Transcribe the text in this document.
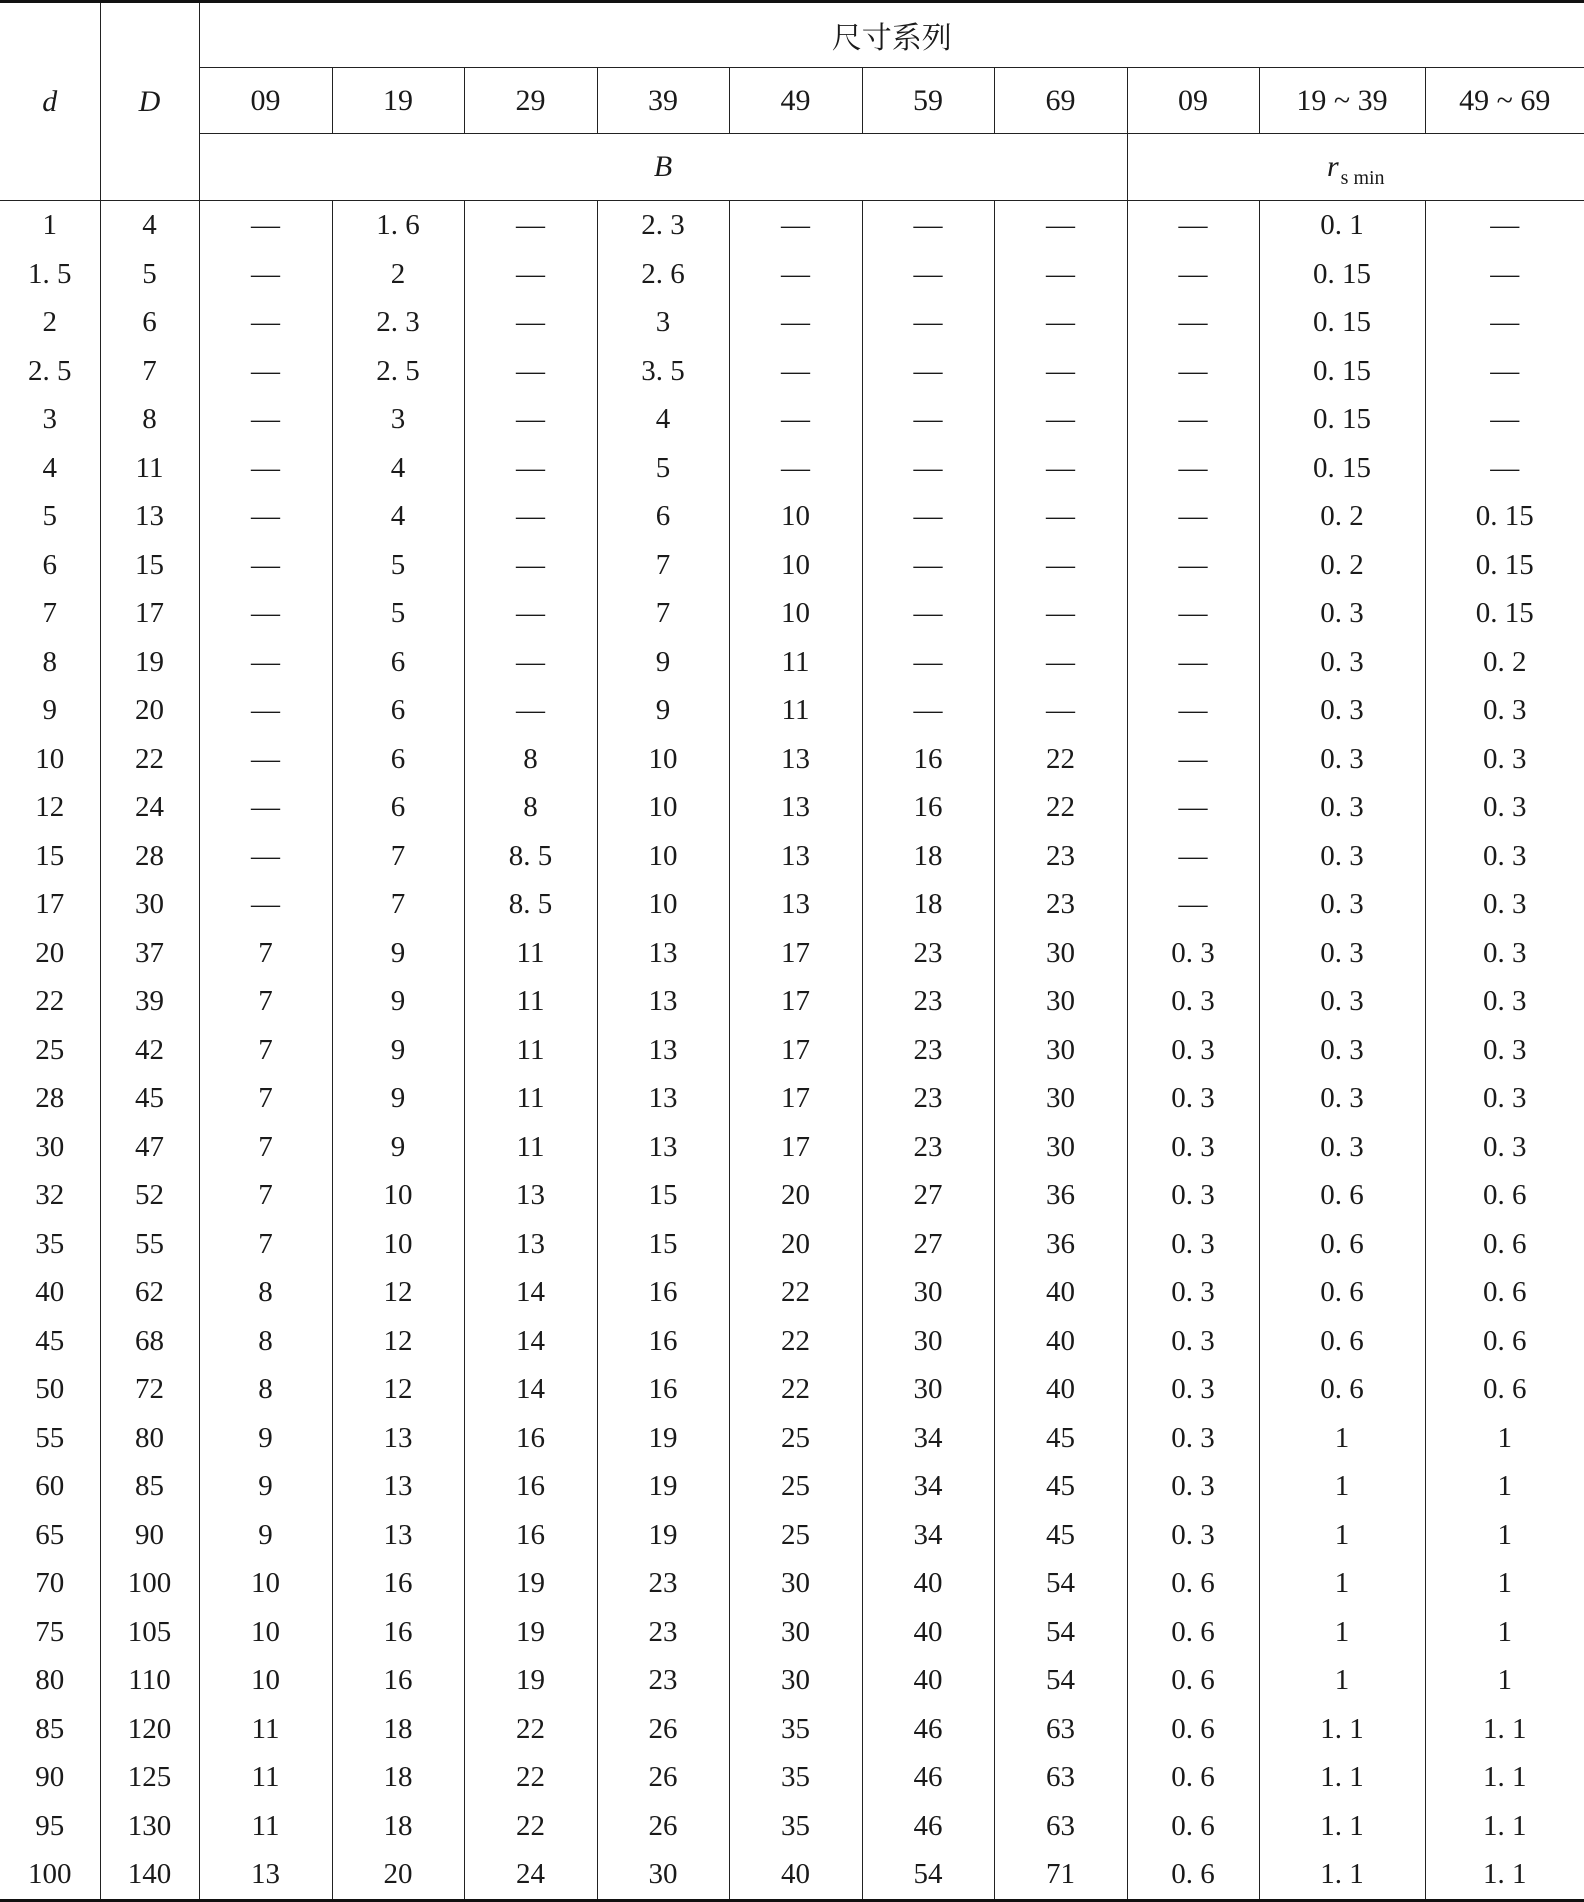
d	D	尺寸系列									
		09	19	29	39	49	59	69	09	19 ~ 39	49 ~ 69
		B							r $_{s min}$
1	4	—	1. 6	—	2. 3	—	—	—	—	0. 1	—
1. 5	5	—	2	—	2. 6	—	—	—	—	0. 15	—
2	6	—	2. 3	—	3	—	—	—	—	0. 15	—
2. 5	7	—	2. 5	—	3. 5	—	—	—	—	0. 15	—
3	8	—	3	—	4	—	—	—	—	0. 15	—
4	11	—	4	—	5	—	—	—	—	0. 15	—
5	13	—	4	—	6	10	—	—	—	0. 2	0. 15
6	15	—	5	—	7	10	—	—	—	0. 2	0. 15
7	17	—	5	—	7	10	—	—	—	0. 3	0. 15
8	19	—	6	—	9	11	—	—	—	0. 3	0. 2
9	20	—	6	—	9	11	—	—	—	0. 3	0. 3
10	22	—	6	8	10	13	16	22	—	0. 3	0. 3
12	24	—	6	8	10	13	16	22	—	0. 3	0. 3
15	28	—	7	8. 5	10	13	18	23	—	0. 3	0. 3
17	30	—	7	8. 5	10	13	18	23	—	0. 3	0. 3
20	37	7	9	11	13	17	23	30	0. 3	0. 3	0. 3
22	39	7	9	11	13	17	23	30	0. 3	0. 3	0. 3
25	42	7	9	11	13	17	23	30	0. 3	0. 3	0. 3
28	45	7	9	11	13	17	23	30	0. 3	0. 3	0. 3
30	47	7	9	11	13	17	23	30	0. 3	0. 3	0. 3
32	52	7	10	13	15	20	27	36	0. 3	0. 6	0. 6
35	55	7	10	13	15	20	27	36	0. 3	0. 6	0. 6
40	62	8	12	14	16	22	30	40	0. 3	0. 6	0. 6
45	68	8	12	14	16	22	30	40	0. 3	0. 6	0. 6
50	72	8	12	14	16	22	30	40	0. 3	0. 6	0. 6
55	80	9	13	16	19	25	34	45	0. 3	1	1
60	85	9	13	16	19	25	34	45	0. 3	1	1
65	90	9	13	16	19	25	34	45	0. 3	1	1
70	100	10	16	19	23	30	40	54	0. 6	1	1
75	105	10	16	19	23	30	40	54	0. 6	1	1
80	110	10	16	19	23	30	40	54	0. 6	1	1
85	120	11	18	22	26	35	46	63	0. 6	1. 1	1. 1
90	125	11	18	22	26	35	46	63	0. 6	1. 1	1. 1
95	130	11	18	22	26	35	46	63	0. 6	1. 1	1. 1
100	140	13	20	24	30	40	54	71	0. 6	1. 1	1. 1
